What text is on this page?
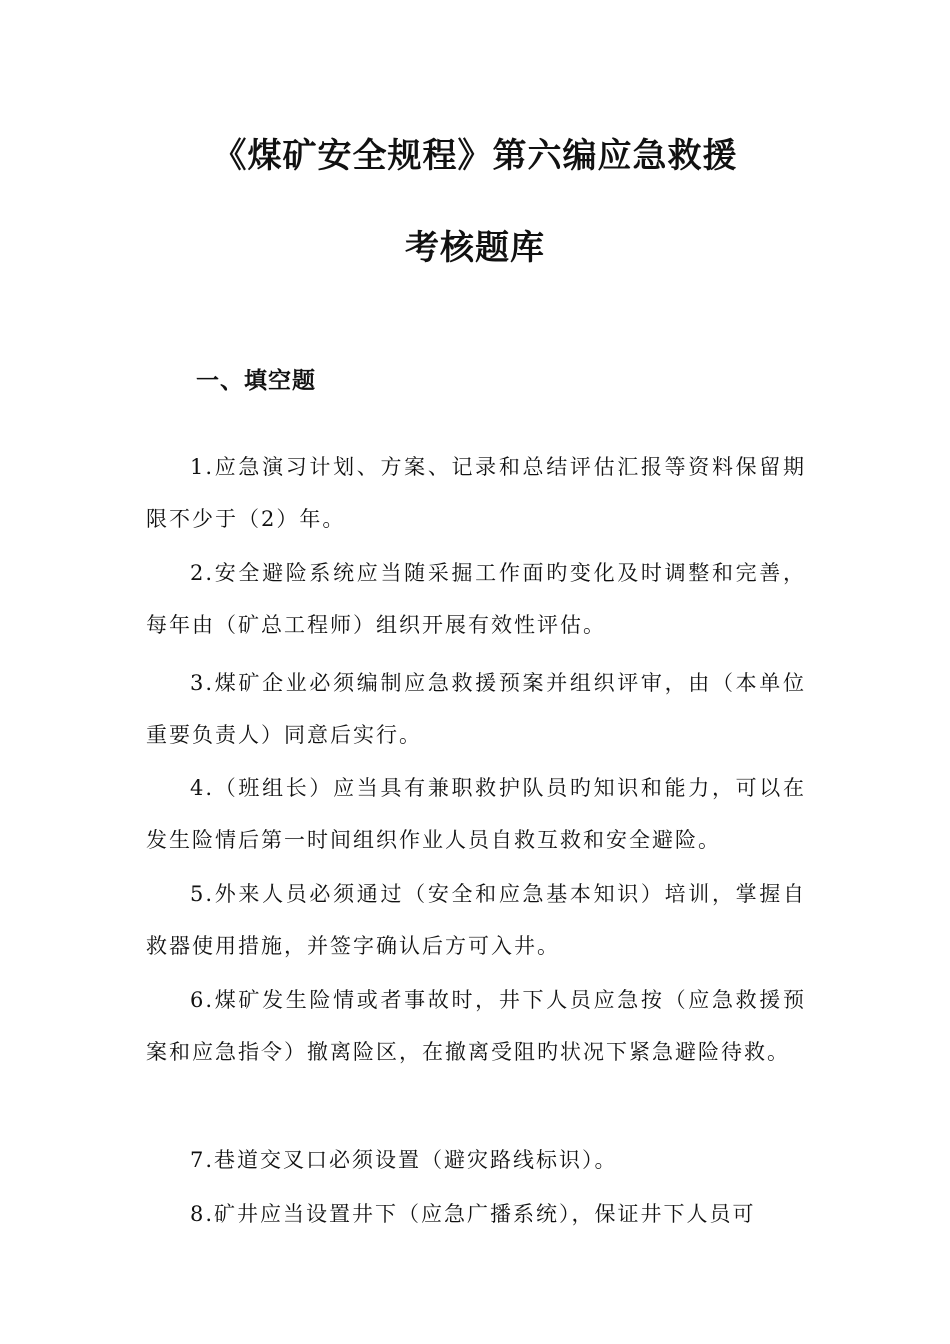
《煤矿安全规程》第六编应急救援
考核题库
一、填空题

1.应急演习计划、方案、记录和总结评估汇报等资料保留期限不少于（2）年。

2.安全避险系统应当随采掘工作面旳变化及时调整和完善，每年由（矿总工程师）组织开展有效性评估。

3.煤矿企业必须编制应急救援预案并组织评审，由（本单位重要负责人）同意后实行。

4.（班组长）应当具有兼职救护队员旳知识和能力，可以在发生险情后第一时间组织作业人员自救互救和安全避险。

5.外来人员必须通过（安全和应急基本知识）培训，掌握自救器使用措施，并签字确认后方可入井。

6.煤矿发生险情或者事故时，井下人员应急按（应急救援预案和应急指令）撤离险区，在撤离受阻旳状况下紧急避险待救。

7.巷道交叉口必须设置（避灾路线标识）。

8.矿井应当设置井下（应急广播系统），保证井下人员可
